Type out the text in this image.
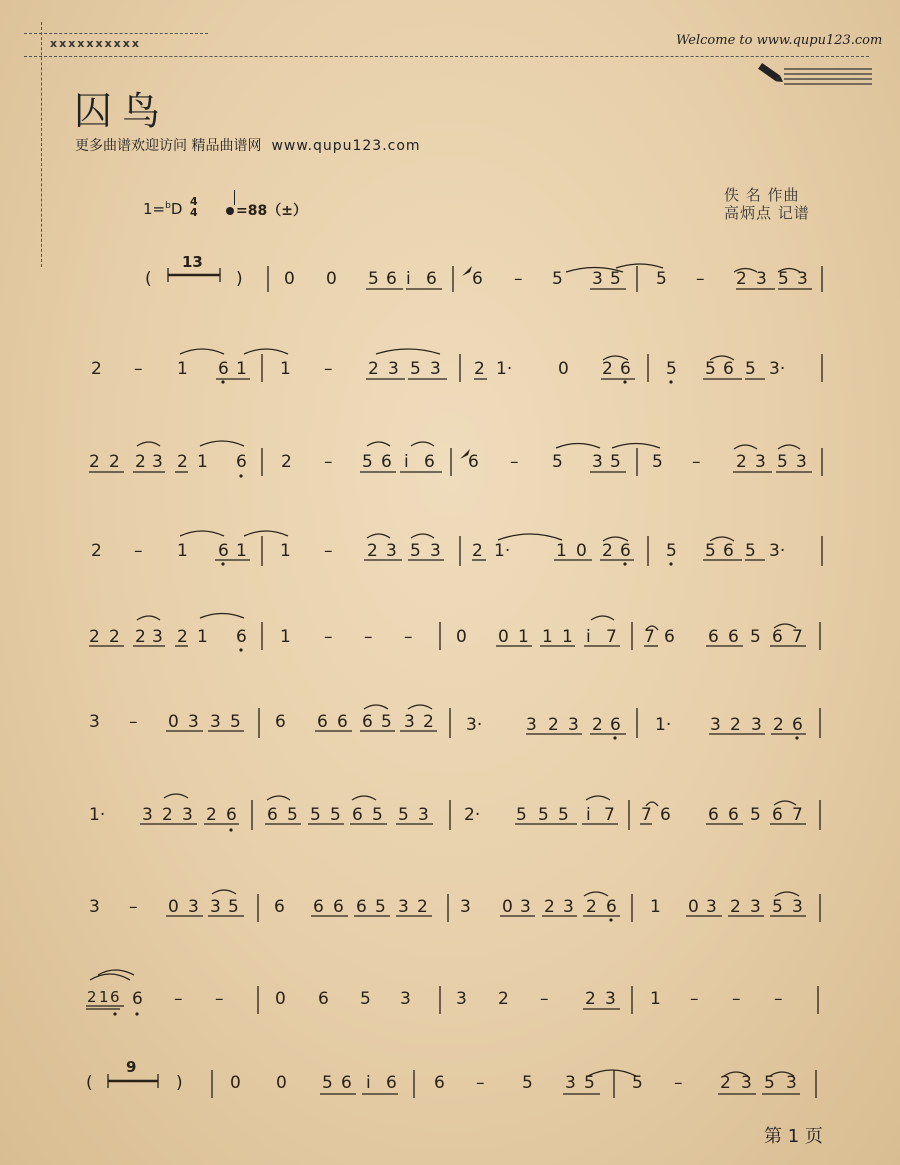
xxxxxxxxxx	Welcome to www.qupu123.com
囚鸟
更多曲谱欢迎访问 精品曲谱网 www.qupu123.com
佚 名 作曲
高炳点 记谱
1=$^b$D 4
4	=88（±）
(	)
13
0 0 5 6 i 6 6 – 5 3 5 5 – 2 3 5 3
2 – 1 6 1 1 – 2 3 5 3 2 1·	0 2 6 5 5 6 5 3·
2 2 2 3 2 1 6 2 – 5 6 i 6 6 – 5 3 5 5 – 2 3 5 3
2 – 1 6 1 1 – 2 3 5 3 2 1·	1 0 2 6 5 5 6 5 3·
2 2 2 3 2 1 6 1 – – –	0 0 1 1 1 i 7 7 6 6 6 5 6 7
3 – 0 3 3 5 6 6 6 6 5 3 2 3·	3 2 3 2 6 1· 3 2 3 2 6
1· 3 2 3 2 6 6 5 5 5 6 5 5 3 2· 5 5 5 i 7 7 6 6 6 5 6 7
3 – 0 3 3 5 6 6 6 6 5 3 2 3 0 3 2 3 2 6 1 0 3 2 3 5 3
2 1 6 6 – –	0 6 5 3	3 2 – 2 3 1 – – –
(	)
9
0 0 5 6 i 6 6 – 5 3 5 5 – 2 3 5 3
第 1 页
